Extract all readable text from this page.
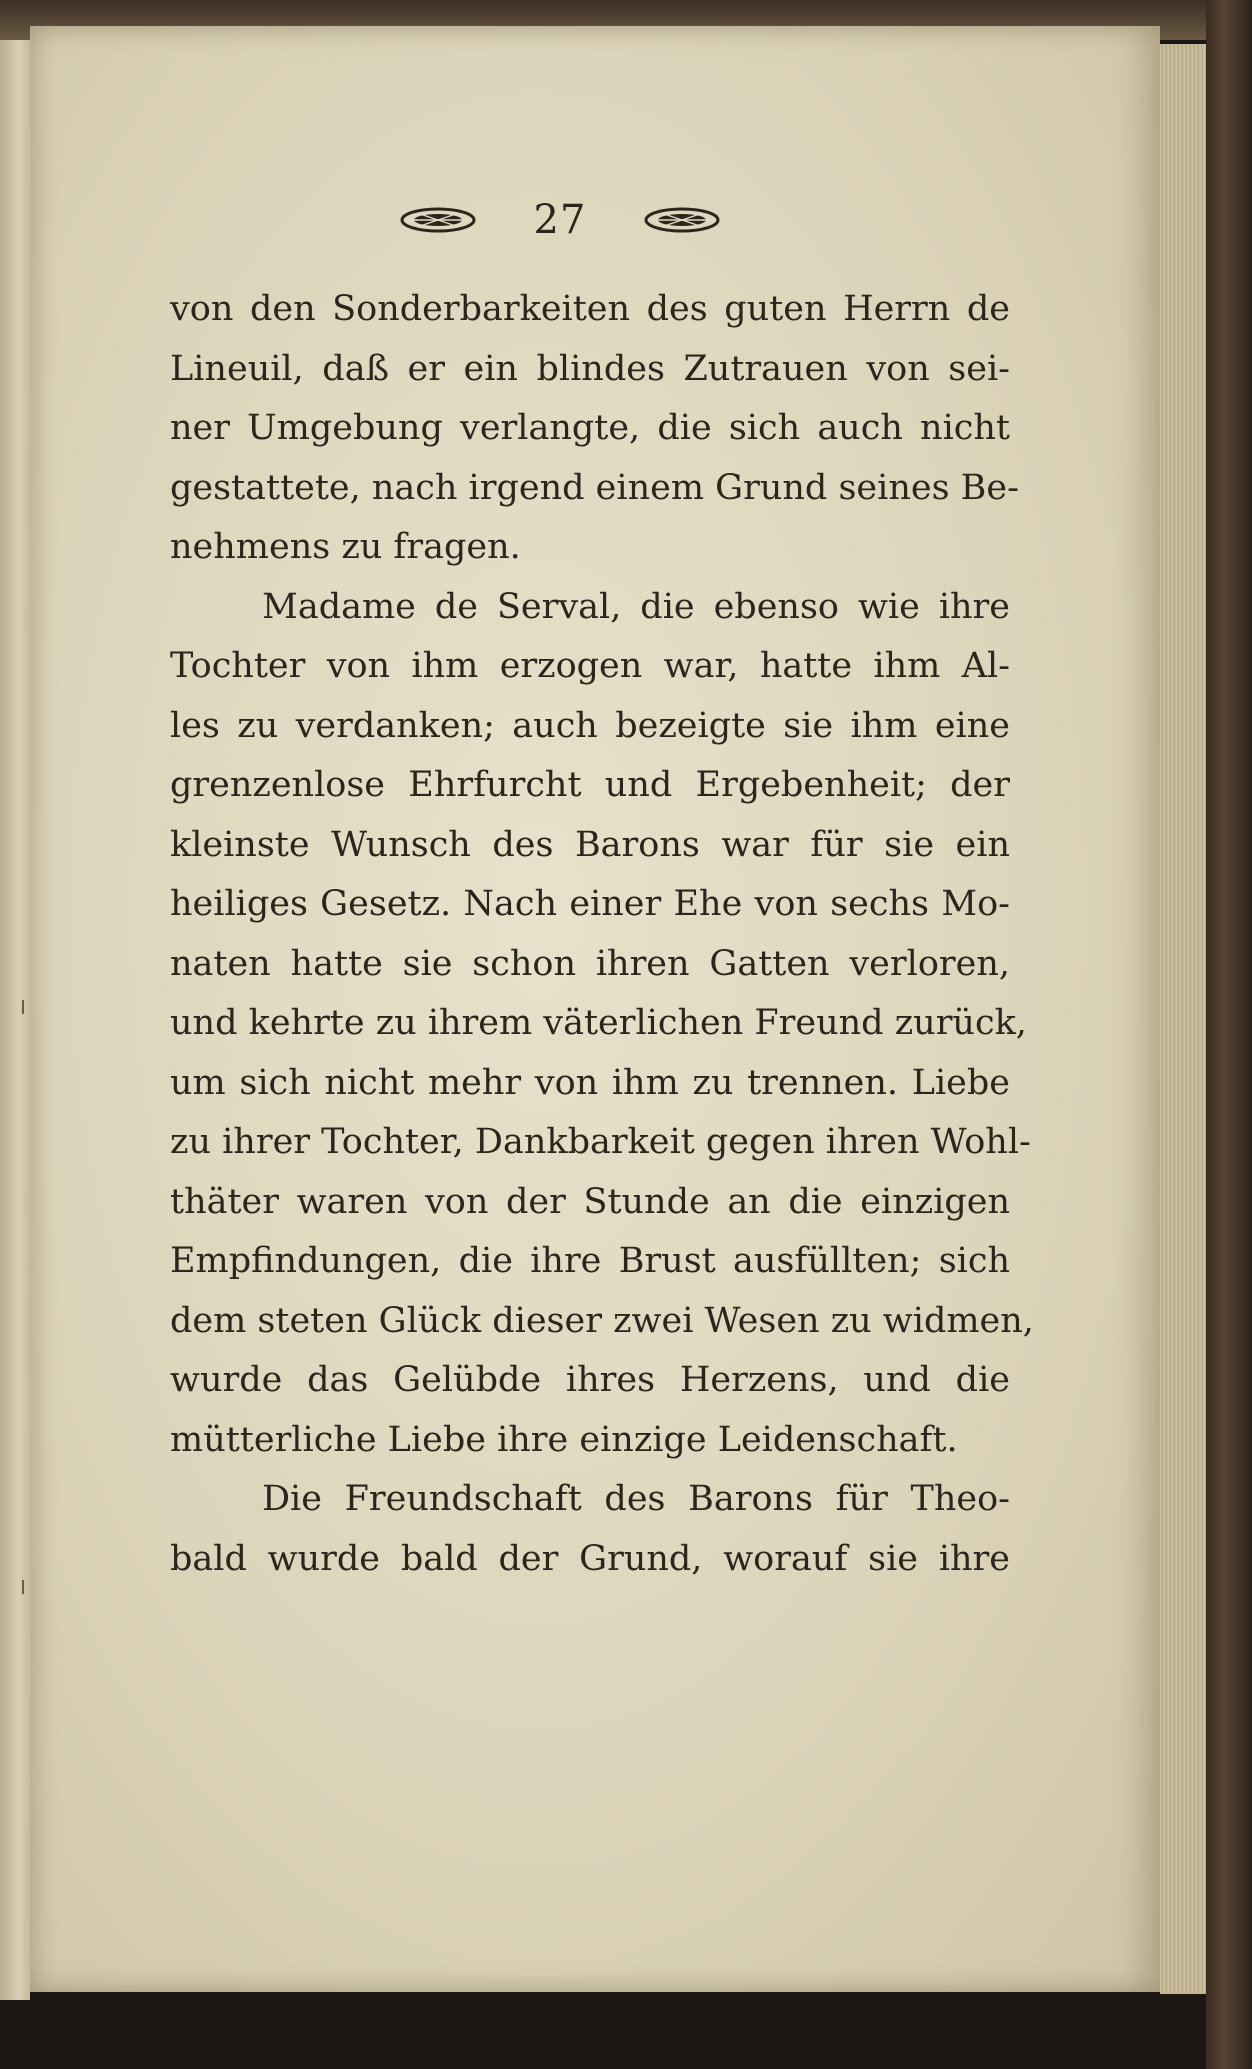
27
von den Sonderbarkeiten des guten Herrn de
Lineuil, daß er ein blindes Zutrauen von sei-
ner Umgebung verlangte, die sich auch nicht
gestattete, nach irgend einem Grund seines Be-
nehmens zu fragen.
Madame de Serval, die ebenso wie ihre
Tochter von ihm erzogen war, hatte ihm Al-
les zu verdanken; auch bezeigte sie ihm eine
grenzenlose Ehrfurcht und Ergebenheit; der
kleinste Wunsch des Barons war für sie ein
heiliges Gesetz. Nach einer Ehe von sechs Mo-
naten hatte sie schon ihren Gatten verloren,
und kehrte zu ihrem väterlichen Freund zurück,
um sich nicht mehr von ihm zu trennen. Liebe
zu ihrer Tochter, Dankbarkeit gegen ihren Wohl-
thäter waren von der Stunde an die einzigen
Empfindungen, die ihre Brust ausfüllten; sich
dem steten Glück dieser zwei Wesen zu widmen,
wurde das Gelübde ihres Herzens, und die
mütterliche Liebe ihre einzige Leidenschaft.
Die Freundschaft des Barons für Theo-
bald wurde bald der Grund, worauf sie ihre
